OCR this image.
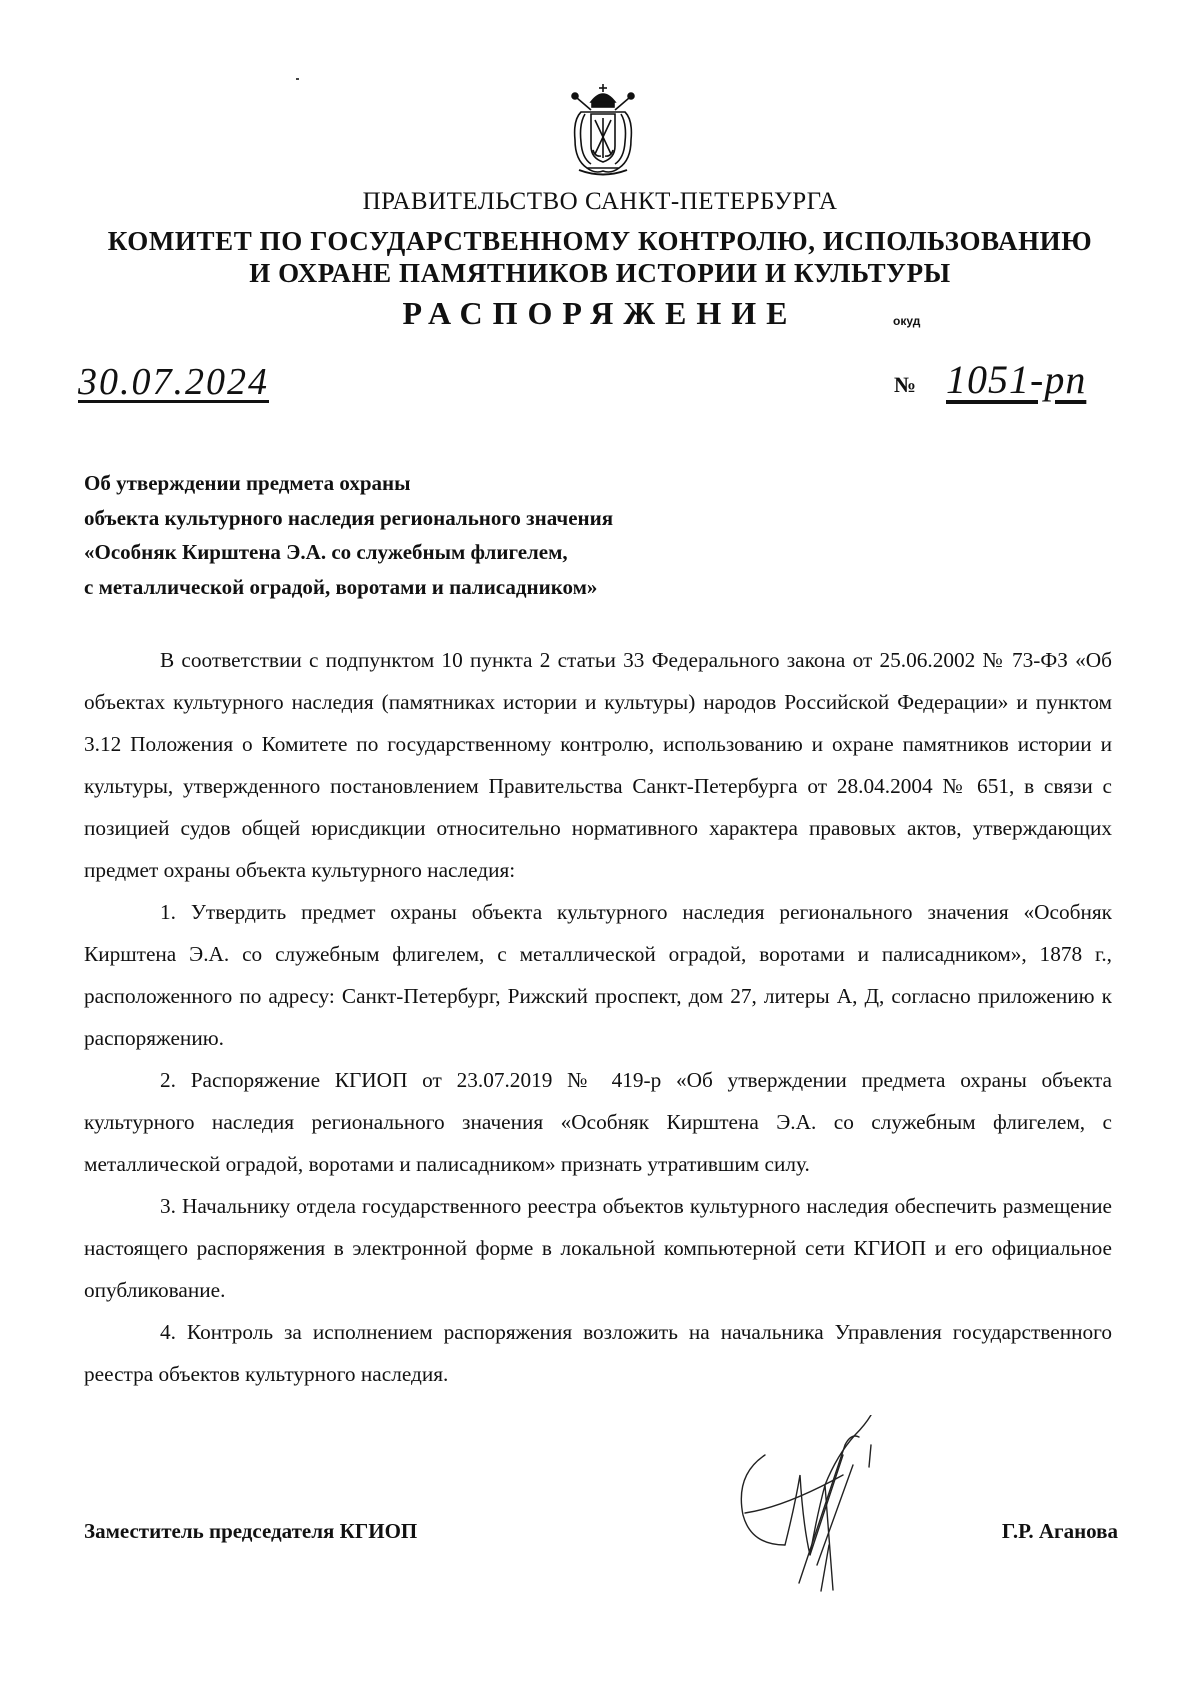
ПРАВИТЕЛЬСТВО САНКТ-ПЕТЕРБУРГА
КОМИТЕТ ПО ГОСУДАРСТВЕННОМУ КОНТРОЛЮ, ИСПОЛЬЗОВАНИЮ
И ОХРАНЕ ПАМЯТНИКОВ ИСТОРИИ И КУЛЬТУРЫ
РАСПОРЯЖЕНИЕ	окуд
30.07.2024	№ 1051-рп
Об утверждении предмета охраны
объекта культурного наследия регионального значения
«Особняк Кирштена Э.А. со служебным флигелем,
с металлической оградой, воротами и палисадником»

В соответствии с подпунктом 10 пункта 2 статьи 33 Федерального закона от 25.06.2002 № 73-ФЗ «Об объектах культурного наследия (памятниках истории и культуры) народов Российской Федерации» и пунктом 3.12 Положения о Комитете по государственному контролю, использованию и охране памятников истории и культуры, утвержденного постановлением Правительства Санкт-Петербурга от 28.04.2004 № 651, в связи с позицией судов общей юрисдикции относительно нормативного характера правовых актов, утверждающих предмет охраны объекта культурного наследия:

1. Утвердить предмет охраны объекта культурного наследия регионального значения «Особняк Кирштена Э.А. со служебным флигелем, с металлической оградой, воротами и палисадником», 1878 г., расположенного по адресу: Санкт-Петербург, Рижский проспект, дом 27, литеры А, Д, согласно приложению к распоряжению.

2. Распоряжение КГИОП от 23.07.2019 № 419-р «Об утверждении предмета охраны объекта культурного наследия регионального значения «Особняк Кирштена Э.А. со служебным флигелем, с металлической оградой, воротами и палисадником» признать утратившим силу.

3. Начальнику отдела государственного реестра объектов культурного наследия обеспечить размещение настоящего распоряжения в электронной форме в локальной компьютерной сети КГИОП и его официальное опубликование.

4. Контроль за исполнением распоряжения возложить на начальника Управления государственного реестра объектов культурного наследия.

Заместитель председателя КГИОП	Г.Р. Аганова
